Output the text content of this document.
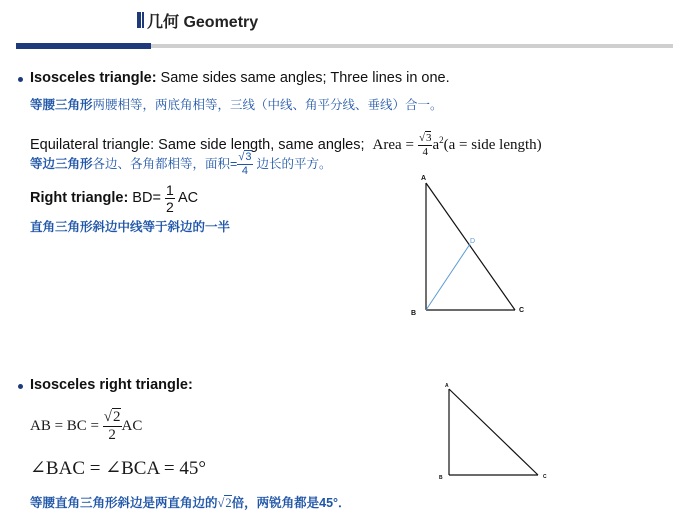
几何 Geometry
Isosceles triangle: Same sides same angles; Three lines in one.
等腰三角形两腰相等，两底角相等，三线（中线、角平分线、垂线）合一。
Equilateral triangle: Same side length, same angles; Area = $\frac{√3}{4} a^2(a$ = side length)
等边三角形各边、各角都相等，面积= $\frac{√3}{4}$ 边长的平方。
Right triangle: $BD= \frac{1}{2}$ AC
直角三角形斜边中线等于斜边的一半
A
B	C
D
Isosceles right triangle:
AB = BC = $\frac{√2}{2}$ AC
∠BAC = ∠BCA = 45°
等腰直角三角形斜边是两直角边的√2倍，两锐角都是45°．
A
B	C
